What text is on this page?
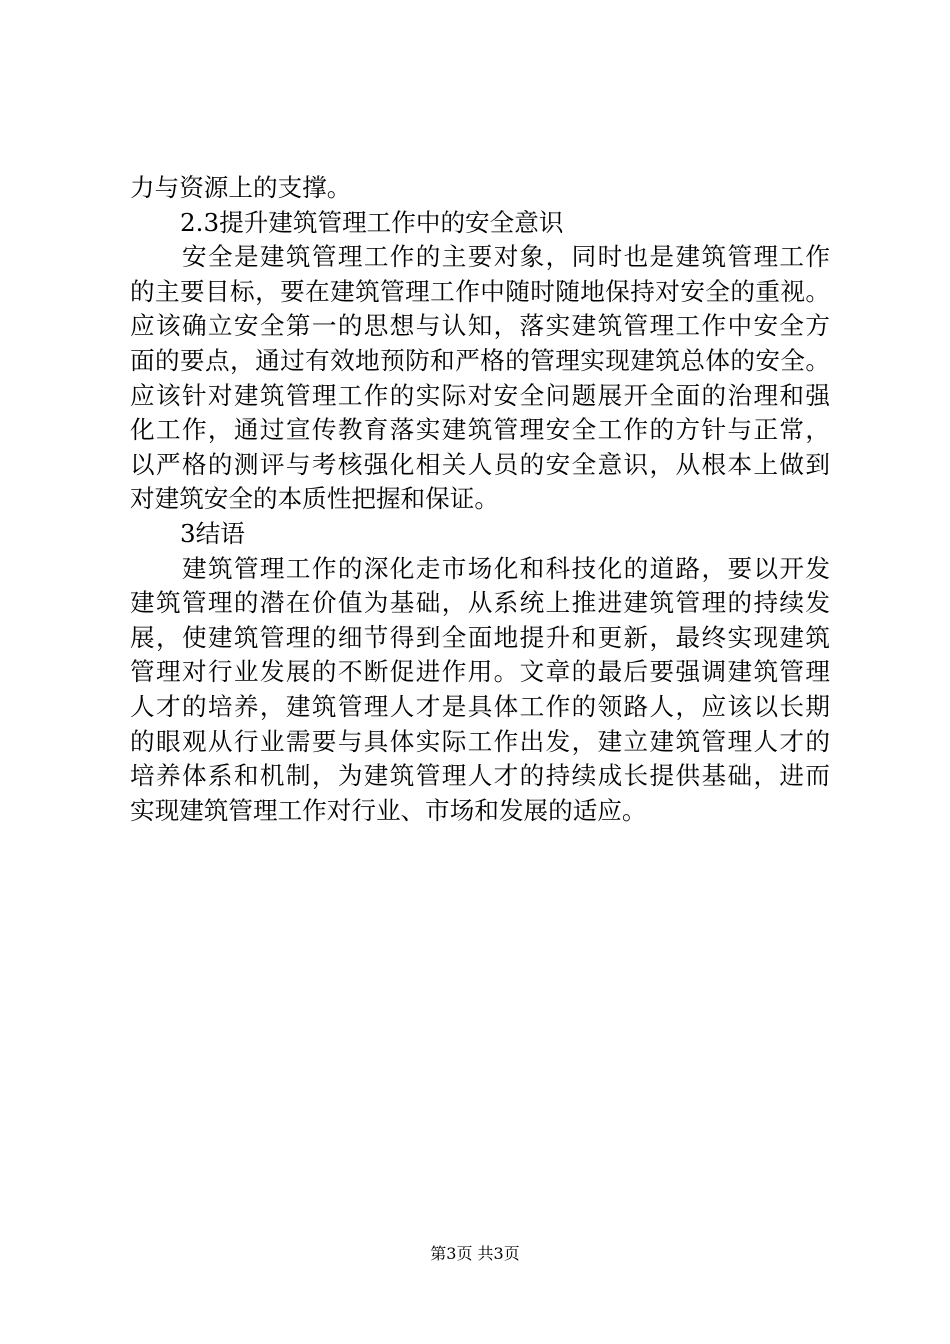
力与资源上的支撑。
2.3提升建筑管理工作中的安全意识
安全是建筑管理工作的主要对象，同时也是建筑管理工作
的主要目标，要在建筑管理工作中随时随地保持对安全的重视。
应该确立安全第一的思想与认知，落实建筑管理工作中安全方
面的要点，通过有效地预防和严格的管理实现建筑总体的安全。
应该针对建筑管理工作的实际对安全问题展开全面的治理和强
化工作，通过宣传教育落实建筑管理安全工作的方针与正常，
以严格的测评与考核强化相关人员的安全意识，从根本上做到
对建筑安全的本质性把握和保证。
3结语
建筑管理工作的深化走市场化和科技化的道路，要以开发
建筑管理的潜在价值为基础，从系统上推进建筑管理的持续发
展，使建筑管理的细节得到全面地提升和更新，最终实现建筑
管理对行业发展的不断促进作用。文章的最后要强调建筑管理
人才的培养，建筑管理人才是具体工作的领路人，应该以长期
的眼观从行业需要与具体实际工作出发，建立建筑管理人才的
培养体系和机制，为建筑管理人才的持续成长提供基础，进而
实现建筑管理工作对行业、市场和发展的适应。
第3页 共3页
